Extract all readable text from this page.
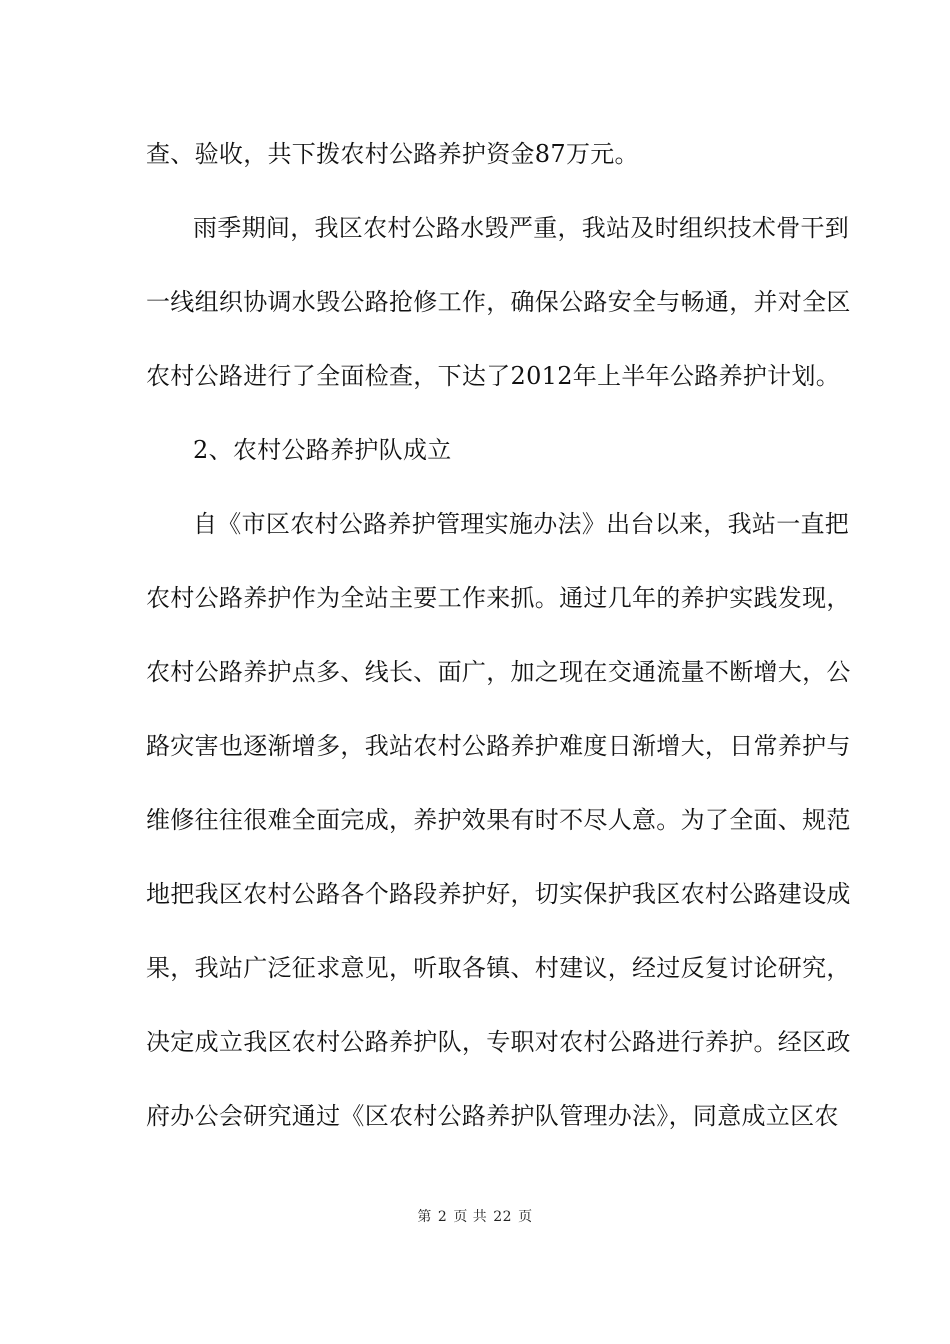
查、验收，共下拨农村公路养护资金87万元。
雨季期间，我区农村公路水毁严重，我站及时组织技术骨干到
一线组织协调水毁公路抢修工作，确保公路安全与畅通，并对全区
农村公路进行了全面检查，下达了2012年上半年公路养护计划。
2、农村公路养护队成立
自《市区农村公路养护管理实施办法》出台以来，我站一直把
农村公路养护作为全站主要工作来抓。通过几年的养护实践发现，
农村公路养护点多、线长、面广，加之现在交通流量不断增大，公
路灾害也逐渐增多，我站农村公路养护难度日渐增大，日常养护与
维修往往很难全面完成，养护效果有时不尽人意。为了全面、规范
地把我区农村公路各个路段养护好，切实保护我区农村公路建设成
果，我站广泛征求意见，听取各镇、村建议，经过反复讨论研究，
决定成立我区农村公路养护队，专职对农村公路进行养护。经区政
府办公会研究通过《区农村公路养护队管理办法》，同意成立区农
第 2 页 共 22 页
